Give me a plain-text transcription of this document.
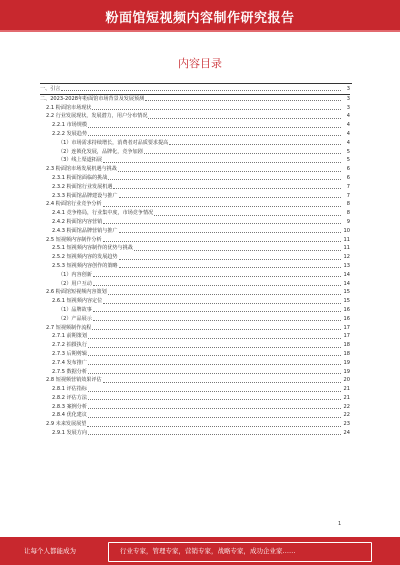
粉面馆短视频内容制作研究报告
内容目录
一、引言	3
二、2023-2028年粉面馆市场背景及发展预测	3
2.1 粉面馆市场现状	3
2.2 行业发展现状，发展潜力，用户分布情况	4
2.2.1 市场规模	4
2.2.2 发展趋势	4
（1）市场需求持续增长，消费者对品质要求提高	4
（2）连锁化发展，品牌化，竞争加剧	5
（3）线上渠道拓展	5
2.3 粉面馆市场发展机遇与挑战	6
2.3.1 粉面馆面临的挑战	6
2.3.2 粉面馆行业发展机遇	7
2.3.3 粉面馆品牌建设与推广	7
2.4 粉面馆行业竞争分析	8
2.4.1 竞争格局，行业集中度，市场竞争情况	8
2.4.2 粉面馆内容营销	9
2.4.3 粉面馆品牌营销与推广	10
2.5 短视频内容制作分析	11
2.5.1 短视频内容制作的优势与挑战	11
2.5.2 短视频内容的发展趋势	12
2.5.3 短视频内容创作的策略	13
（1）内容创新	14
（2）用户互动	14
2.6 粉面馆短视频内容策划	15
2.6.1 短视频内容定位	15
（1）品牌故事	16
（2）产品展示	16
2.7 短视频制作流程	17
2.7.1 前期策划	17
2.7.2 拍摄执行	18
2.7.3 后期剪辑	18
2.7.4 发布推广	19
2.7.5 数据分析	19
2.8 短视频营销效果评估	20
2.8.1 评估指标	21
2.8.2 评估方法	21
2.8.3 案例分析	22
2.8.4 优化建议	22
2.9 未来发展展望	23
2.9.1 发展方向	24
1
让每个人都能成为	行业专家，管理专家，营销专家，战略专家，成功企业家……
